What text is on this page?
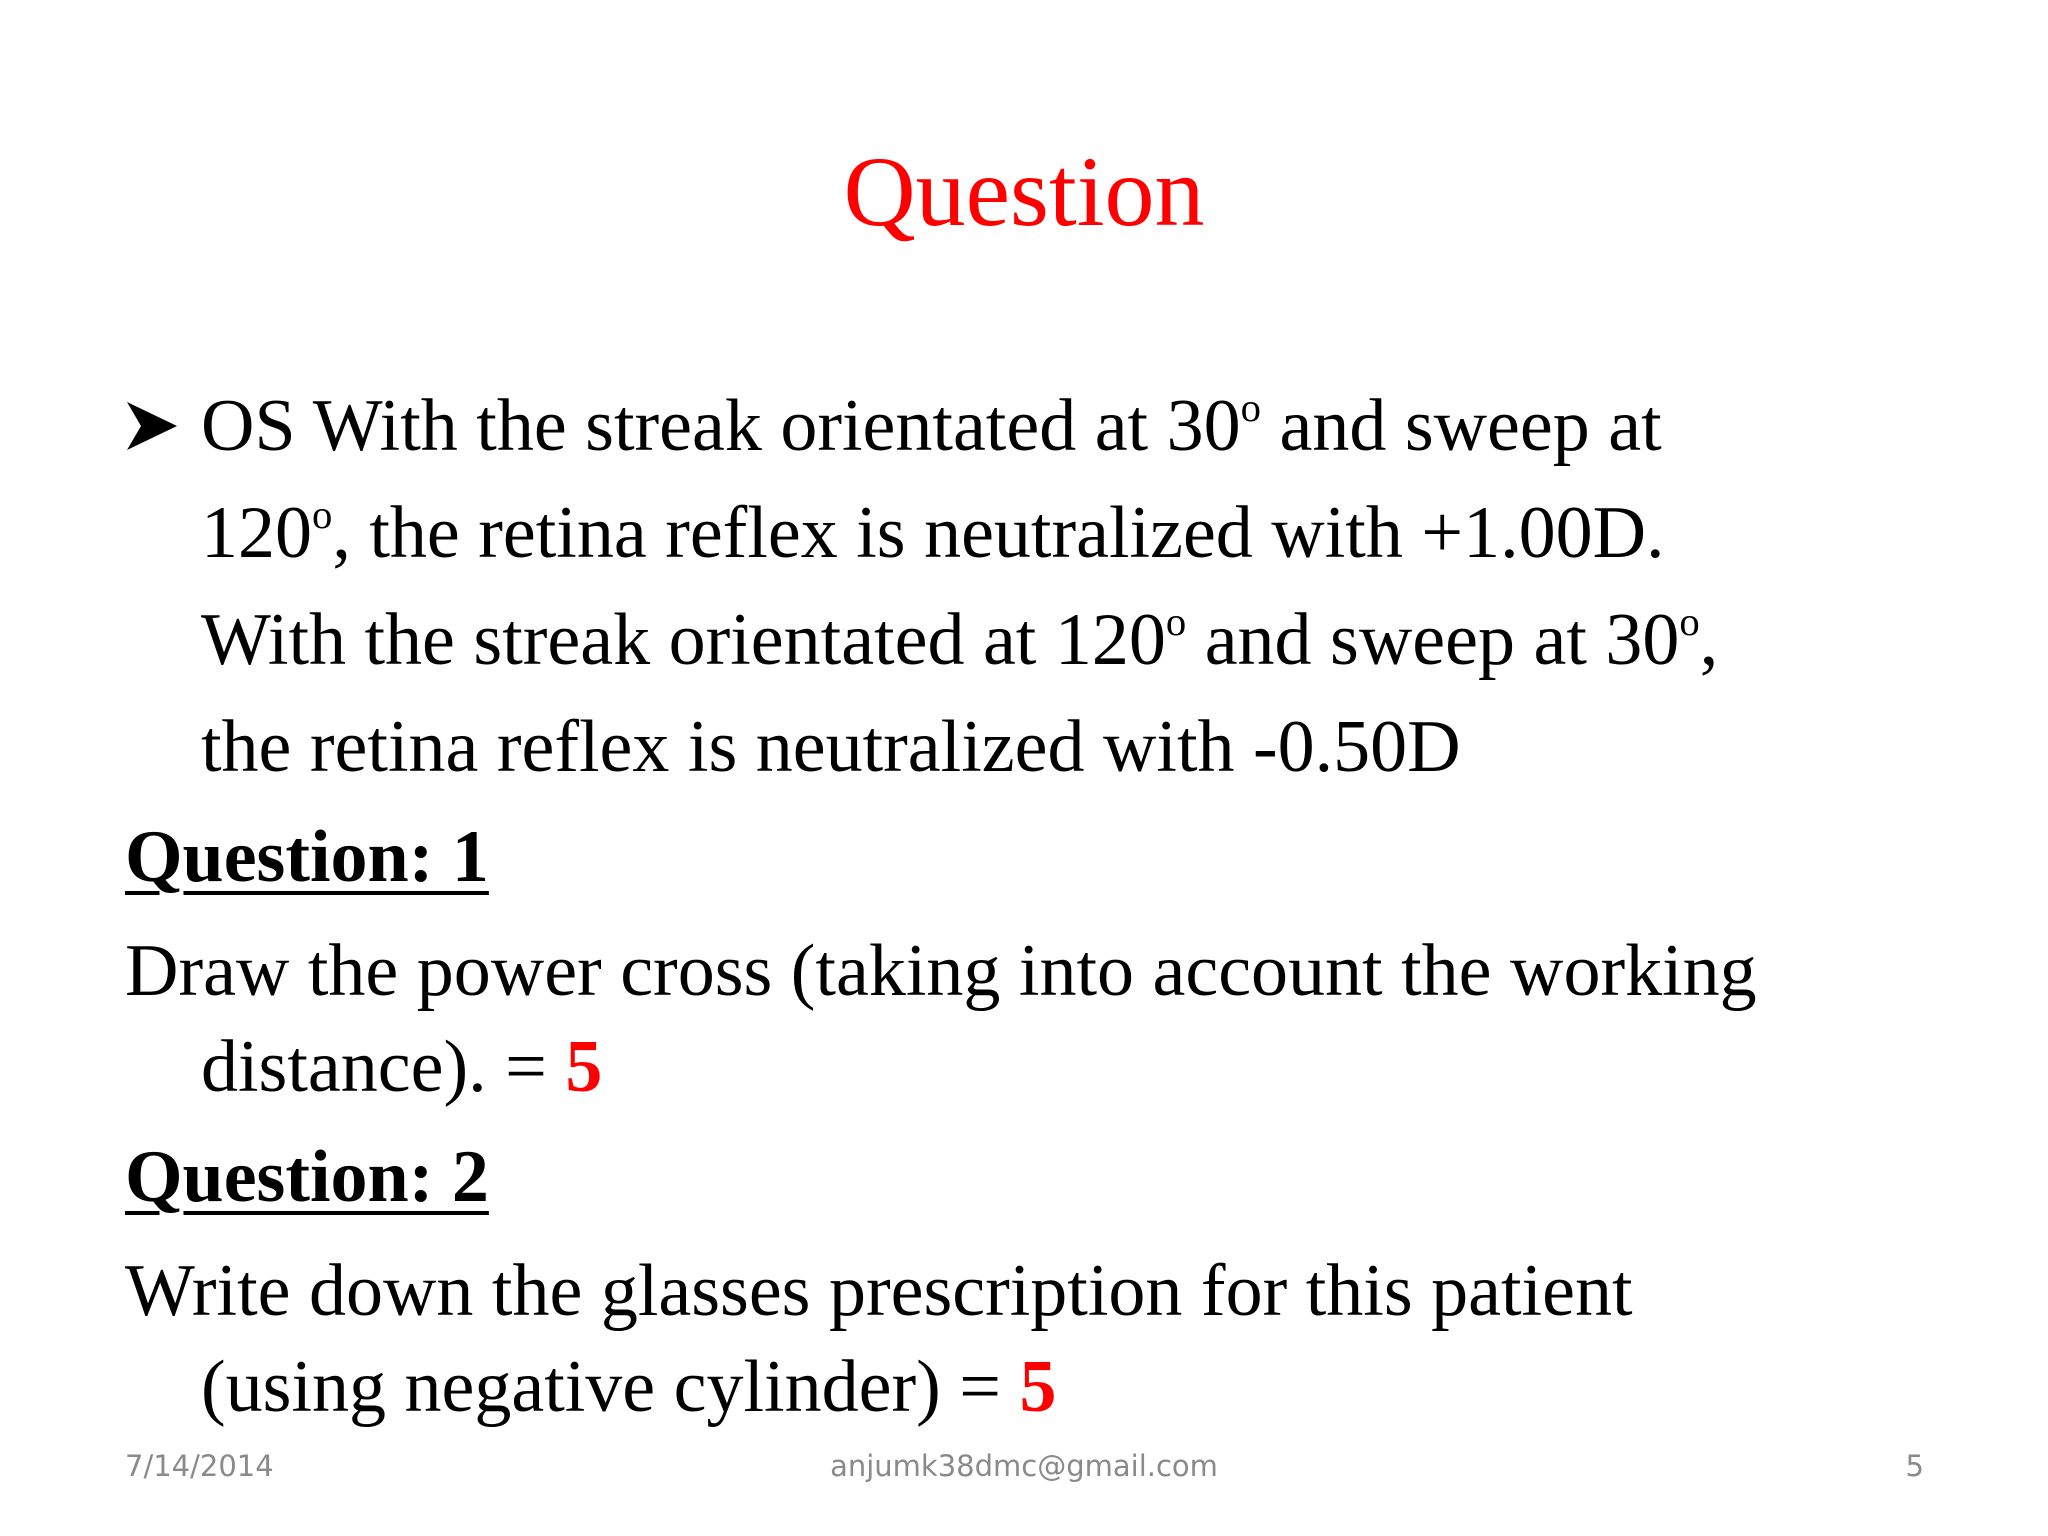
Question
OS With the streak orientated at 30$^o$ and sweep at
120$^o$, the retina reflex is neutralized with +1.00D.
With the streak orientated at 120$^o$ and sweep at 30$^o$,
the retina reflex is neutralized with -0.50D
Question: 1
Draw the power cross (taking into account the working
distance). = 5
Question: 2
Write down the glasses prescription for this patient
(using negative cylinder) = 5
7/14/2014	anjumk38dmc@gmail.com	5
